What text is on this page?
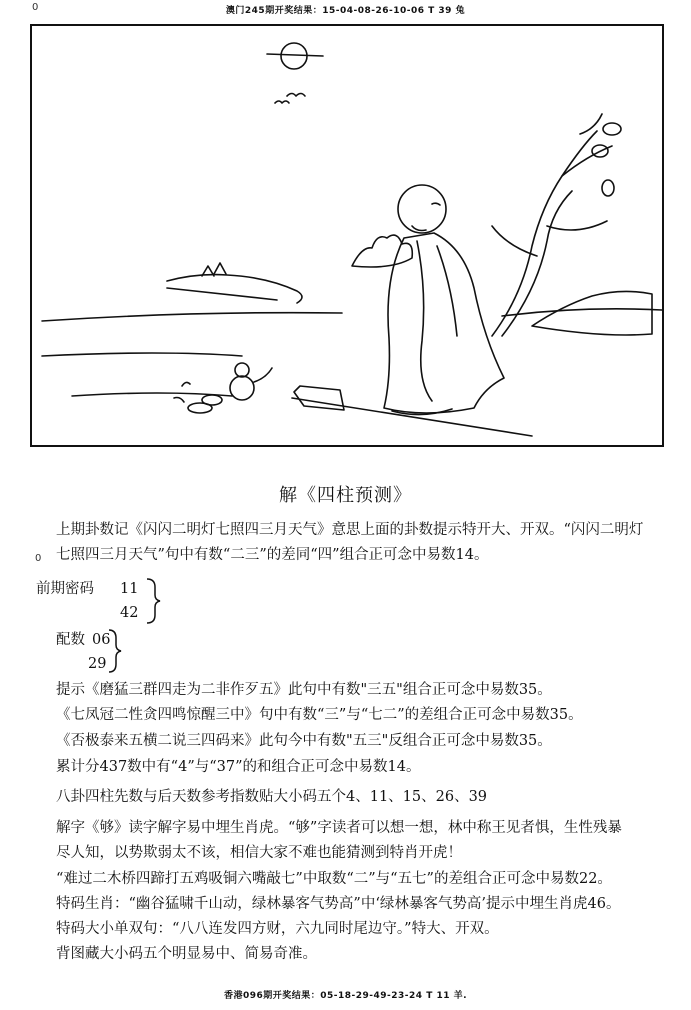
0	澳门245期开奖结果：15-04-08-26-10-06 T 39 兔
解《四柱预测》
0
上期卦数记《闪闪二明灯七照四三月天气》意思上面的卦数提示特开大、开双。“闪闪二明灯
七照四三月天气”句中有数“二三”的差同“四”组合正可念中易数14。
前期密码 11
42
配数 06
29
提示《磨猛三群四走为二非作歹五》此句中有数"三五"组合正可念中易数35。
《七凤冠二性贪四鸣惊醒三中》句中有数“三”与“七二”的差组合正可念中易数35。
《否极泰来五横二说三四码来》此句今中有数"五三"反组合正可念中易数35。
累计分437数中有“4”与“37”的和组合正可念中易数14。
八卦四柱先数与后天数参考指数贴大小码五个4、11、15、26、39
解字《够》读字解字易中埋生肖虎。“够”字读者可以想一想，林中称王见者惧，生性残暴
尽人知，以势欺弱太不该，相信大家不难也能猜测到特肖开虎！
“难过二木桥四蹄打五鸡吸铜六嘴敲七”中取数“二”与“五七”的差组合正可念中易数22。
特码生肖：“幽谷猛啸千山动，绿林暴客气势高”中‘绿林暴客气势高’提示中埋生肖虎46。
特码大小单双句：“八八连发四方财，六九同时尾边守。”特大、开双。
背图藏大小码五个明显易中、简易奇准。
香港096期开奖结果：05-18-29-49-23-24 T 11 羊.
